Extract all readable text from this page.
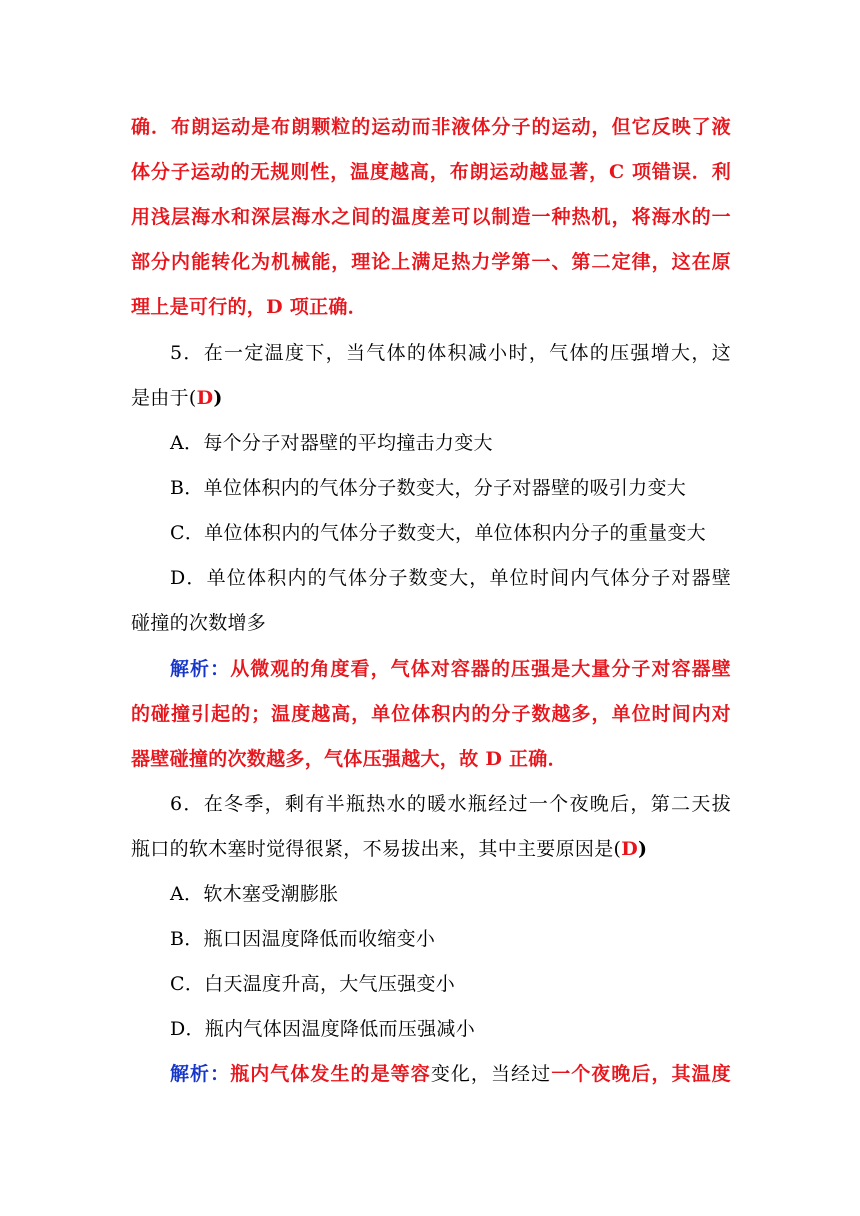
确．布朗运动是布朗颗粒的运动而非液体分子的运动，但它反映了液
体分子运动的无规则性，温度越高，布朗运动越显著，C 项错误．利
用浅层海水和深层海水之间的温度差可以制造一种热机，将海水的一
部分内能转化为机械能，理论上满足热力学第一、第二定律，这在原
理上是可行的，D 项正确．
5．在一定温度下，当气体的体积减小时，气体的压强增大，这
是由于(D)
A．每个分子对器壁的平均撞击力变大
B．单位体积内的气体分子数变大，分子对器壁的吸引力变大
C．单位体积内的气体分子数变大，单位体积内分子的重量变大
D．单位体积内的气体分子数变大，单位时间内气体分子对器壁
碰撞的次数增多
解析：从微观的角度看，气体对容器的压强是大量分子对容器壁
的碰撞引起的；温度越高，单位体积内的分子数越多，单位时间内对
器壁碰撞的次数越多，气体压强越大，故 D 正确．
6．在冬季，剩有半瓶热水的暖水瓶经过一个夜晚后，第二天拔
瓶口的软木塞时觉得很紧，不易拔出来，其中主要原因是(D)
A．软木塞受潮膨胀
B．瓶口因温度降低而收缩变小
C．白天温度升高，大气压强变小
D．瓶内气体因温度降低而压强减小
解析：瓶内气体发生的是等容变化，当经过一个夜晚后，其温度
